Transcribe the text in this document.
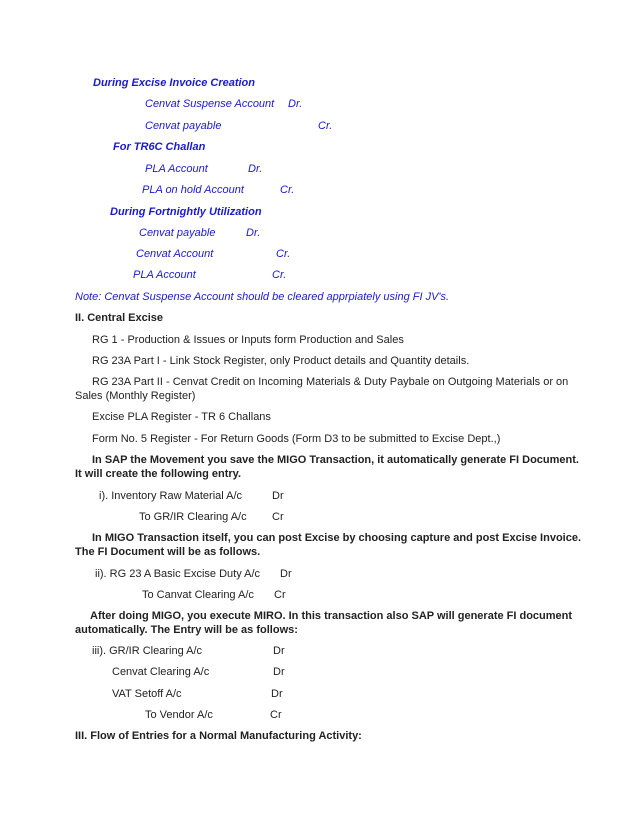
During Excise Invoice Creation
Cenvat Suspense Account Dr.
Cenvat payable	Cr.
For TR6C Challan
PLA Account	Dr.
PLA on hold Account	Cr.
During Fortnightly Utilization
Cenvat payable	Dr.
Cenvat Account	Cr.
PLA Account	Cr.
Note: Cenvat Suspense Account should be cleared apprpiately using FI JV's.
II. Central Excise
RG 1 - Production & Issues or Inputs form Production and Sales
RG 23A Part I - Link Stock Register, only Product details and Quantity details.
RG 23A Part II - Cenvat Credit on Incoming Materials & Duty Paybale on Outgoing Materials or on
Sales (Monthly Register)
Excise PLA Register - TR 6 Challans
Form No. 5 Register - For Return Goods (Form D3 to be submitted to Excise Dept.,)
In SAP the Movement you save the MIGO Transaction, it automatically generate FI Document.
It will create the following entry.
i). Inventory Raw Material A/c	Dr
To GR/IR Clearing A/c Cr
In MIGO Transaction itself, you can post Excise by choosing capture and post Excise Invoice.
The FI Document will be as follows.
ii). RG 23 A Basic Excise Duty A/c Dr
To Canvat Clearing A/c Cr
After doing MIGO, you execute MIRO. In this transaction also SAP will generate FI document
automatically. The Entry will be as follows:
iii). GR/IR Clearing A/c	Dr
Cenvat Clearing A/c	Dr
VAT Setoff A/c	Dr
To Vendor A/c	Cr
III. Flow of Entries for a Normal Manufacturing Activity:
